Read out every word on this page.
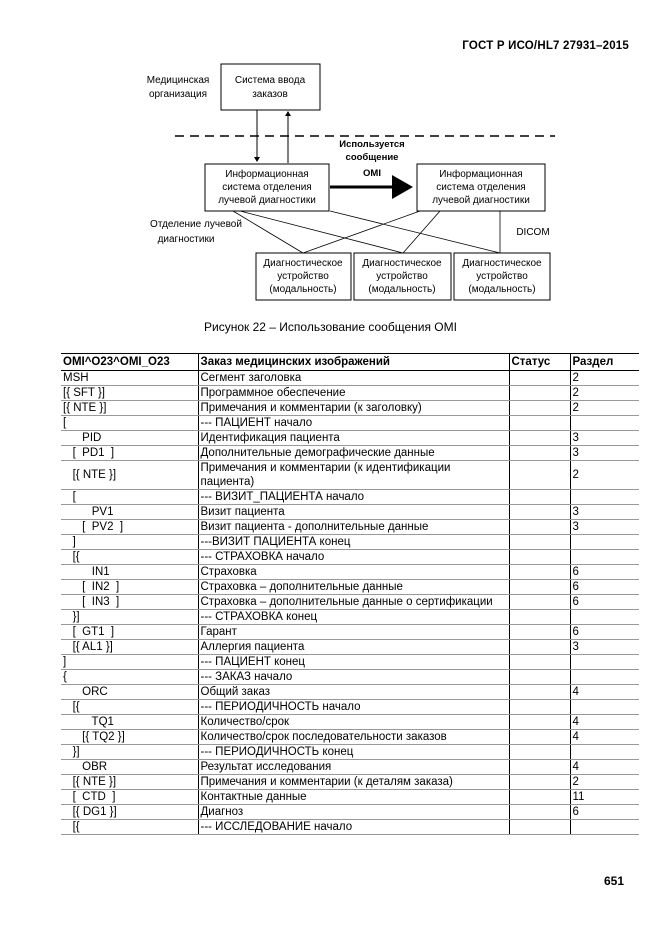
ГОСТ Р ИСО/HL7 27931–2015
Медицинская
организация
Система ввода
заказов
Информационная
система отделения
лучевой диагностики
Информационная
система отделения
лучевой диагностики
Используется
сообщение
OMI
Отделение лучевой
диагностики
DICOM
Диагностическое
устройство
(модальность)
Диагностическое
устройство
(модальность)
Диагностическое
устройство
(модальность)
Рисунок 22 – Использование сообщения OMI
OMI^O23^OMI_O23	Заказ медицинских изображений	Статус	Раздел
MSH	Сегмент заголовка		2
[{ SFT }]	Программное обеспечение		2
[{ NTE }]	Примечания и комментарии (к заголовку)		2
[	--- ПАЦИЕНТ начало		
PID	Идентификация пациента		3
[  PD1  ]	Дополнительные демографические данные		3
[{ NTE }]	Примечания и комментарии (к идентификации пациента)		2
[	--- ВИЗИТ_ПАЦИЕНТА начало		
PV1	Визит пациента		3
[  PV2  ]	Визит пациента - дополнительные данные		3
]	---ВИЗИТ ПАЦИЕНТА конец		
[{	--- СТРАХОВКА начало		
IN1	Страховка		6
[  IN2  ]	Страховка – дополнительные данные		6
[  IN3  ]	Страховка – дополнительные данные о сертификации		6
}]	--- СТРАХОВКА конец		
[  GT1  ]	Гарант		6
[{ AL1 }]	Аллергия пациента		3
]	--- ПАЦИЕНТ конец		
{	--- ЗАКАЗ начало		
ORC	Общий заказ		4
[{	--- ПЕРИОДИЧНОСТЬ начало		
TQ1	Количество/срок		4
[{ TQ2 }]	Количество/срок последовательности заказов		4
}]	--- ПЕРИОДИЧНОСТЬ конец		
OBR	Результат исследования		4
[{ NTE }]	Примечания и комментарии (к деталям заказа)		2
[  CTD  ]	Контактные данные		11
[{ DG1 }]	Диагноз		6
[{	--- ИССЛЕДОВАНИЕ начало		
651
